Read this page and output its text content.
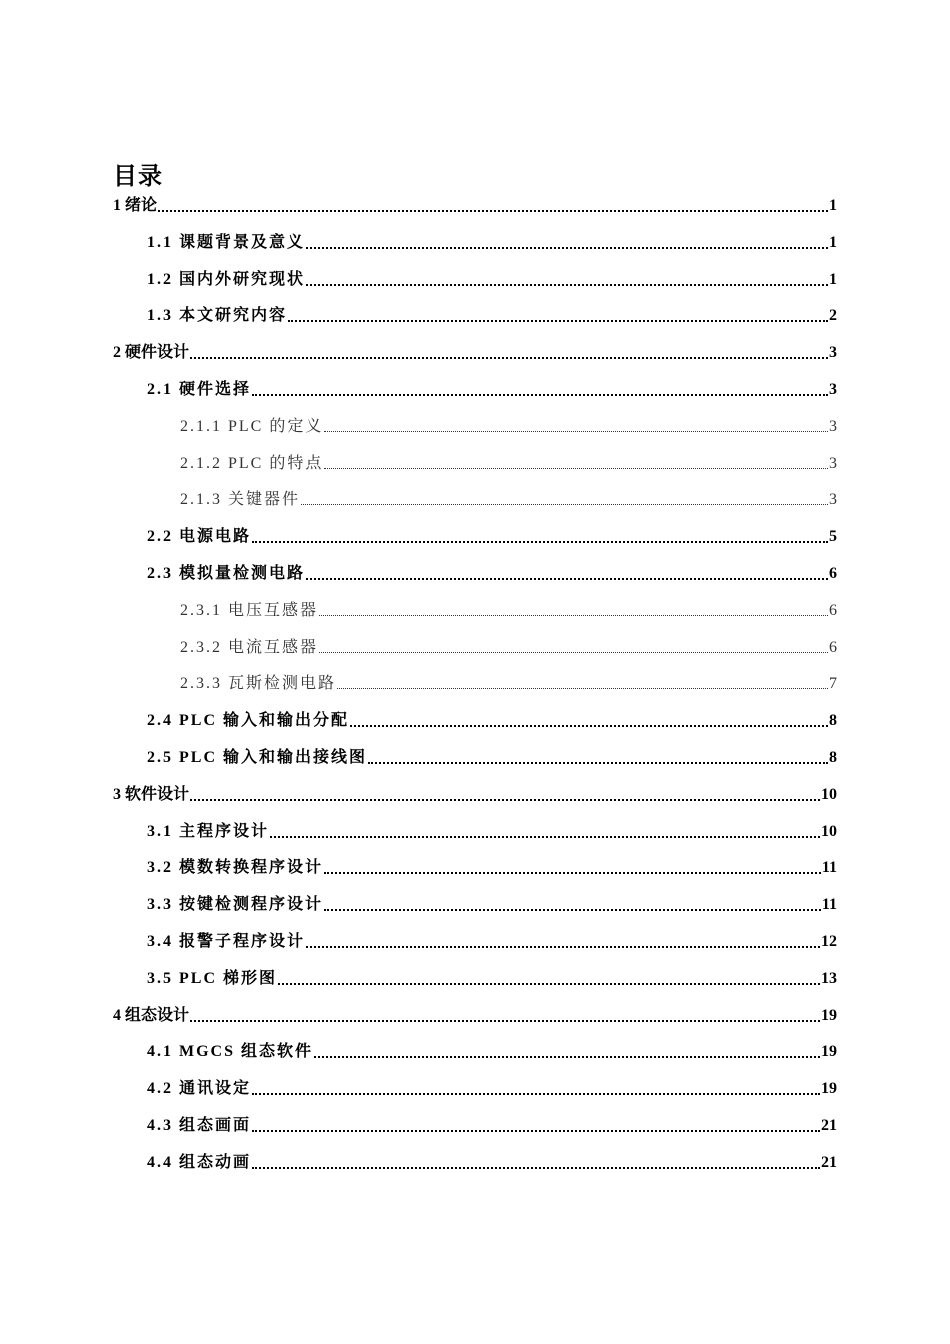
目录
1 绪论	1
1.1 课题背景及意义	1
1.2 国内外研究现状	1
1.3 本文研究内容	2
2 硬件设计	3
2.1 硬件选择	3
2.1.1 PLC 的定义	3
2.1.2 PLC 的特点	3
2.1.3 关键器件	3
2.2 电源电路	5
2.3 模拟量检测电路	6
2.3.1 电压互感器	6
2.3.2 电流互感器	6
2.3.3 瓦斯检测电路	7
2.4 PLC 输入和输出分配	8
2.5 PLC 输入和输出接线图	8
3 软件设计	10
3.1 主程序设计	10
3.2 模数转换程序设计	11
3.3 按键检测程序设计	11
3.4 报警子程序设计	12
3.5 PLC 梯形图	13
4 组态设计	19
4.1 MGCS 组态软件	19
4.2 通讯设定	19
4.3 组态画面	21
4.4 组态动画	21
